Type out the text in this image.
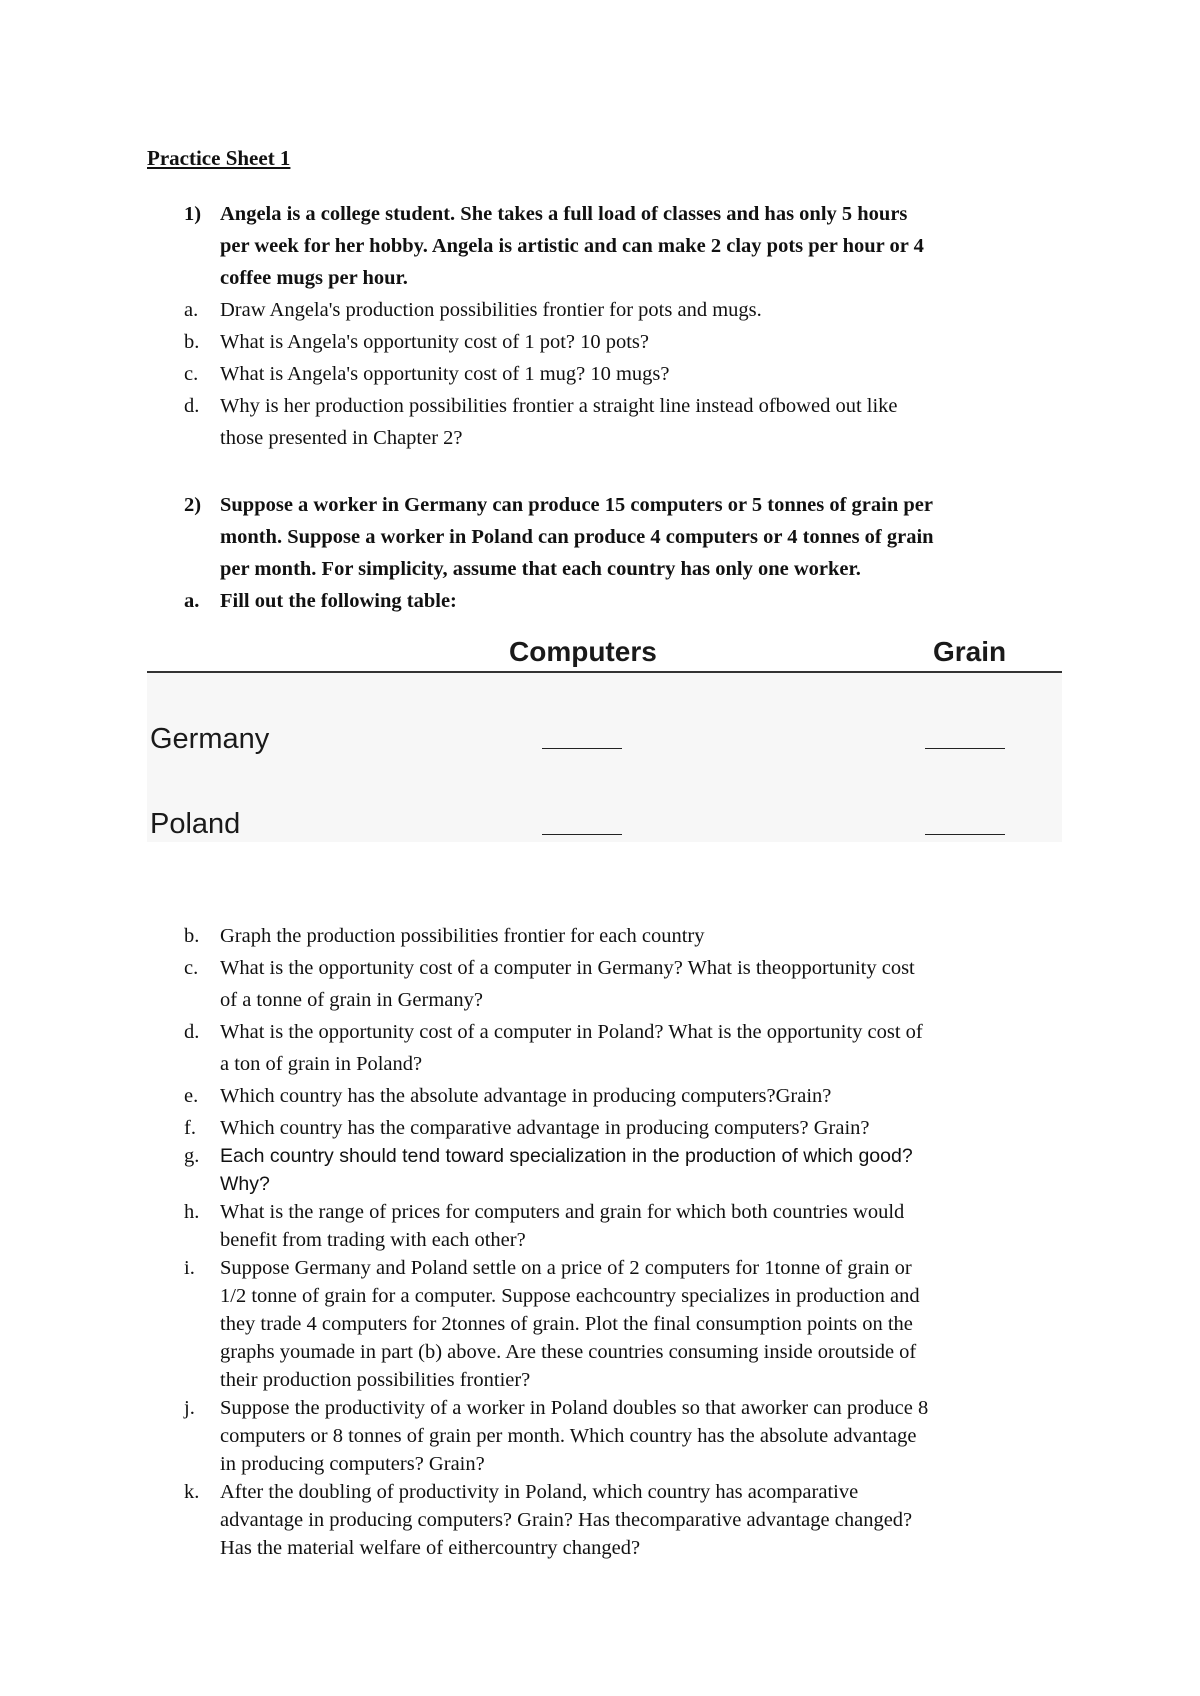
Practice Sheet 1
1) Angela is a college student. She takes a full load of classes and has only 5 hours
per week for her hobby. Angela is artistic and can make 2 clay pots per hour or 4
coffee mugs per hour.
a. Draw Angela's production possibilities frontier for pots and mugs.
b. What is Angela's opportunity cost of 1 pot? 10 pots?
c. What is Angela's opportunity cost of 1 mug? 10 mugs?
d. Why is her production possibilities frontier a straight line instead ofbowed out like
those presented in Chapter 2?
2) Suppose a worker in Germany can produce 15 computers or 5 tonnes of grain per
month. Suppose a worker in Poland can produce 4 computers or 4 tonnes of grain
per month. For simplicity, assume that each country has only one worker.
a. Fill out the following table:
Computers	Grain
Germany
Poland
b. Graph the production possibilities frontier for each country
c. What is the opportunity cost of a computer in Germany? What is theopportunity cost
of a tonne of grain in Germany?
d. What is the opportunity cost of a computer in Poland? What is the opportunity cost of
a ton of grain in Poland?
e. Which country has the absolute advantage in producing computers?Grain?
f. Which country has the comparative advantage in producing computers? Grain?
g. Each country should tend toward specialization in the production of which good?
Why?
h. What is the range of prices for computers and grain for which both countries would
benefit from trading with each other?
i. Suppose Germany and Poland settle on a price of 2 computers for 1tonne of grain or
1/2 tonne of grain for a computer. Suppose eachcountry specializes in production and
they trade 4 computers for 2tonnes of grain. Plot the final consumption points on the
graphs youmade in part (b) above. Are these countries consuming inside oroutside of
their production possibilities frontier?
j. Suppose the productivity of a worker in Poland doubles so that aworker can produce 8
computers or 8 tonnes of grain per month. Which country has the absolute advantage
in producing computers? Grain?
k. After the doubling of productivity in Poland, which country has acomparative
advantage in producing computers? Grain? Has thecomparative advantage changed?
Has the material welfare of eithercountry changed?
